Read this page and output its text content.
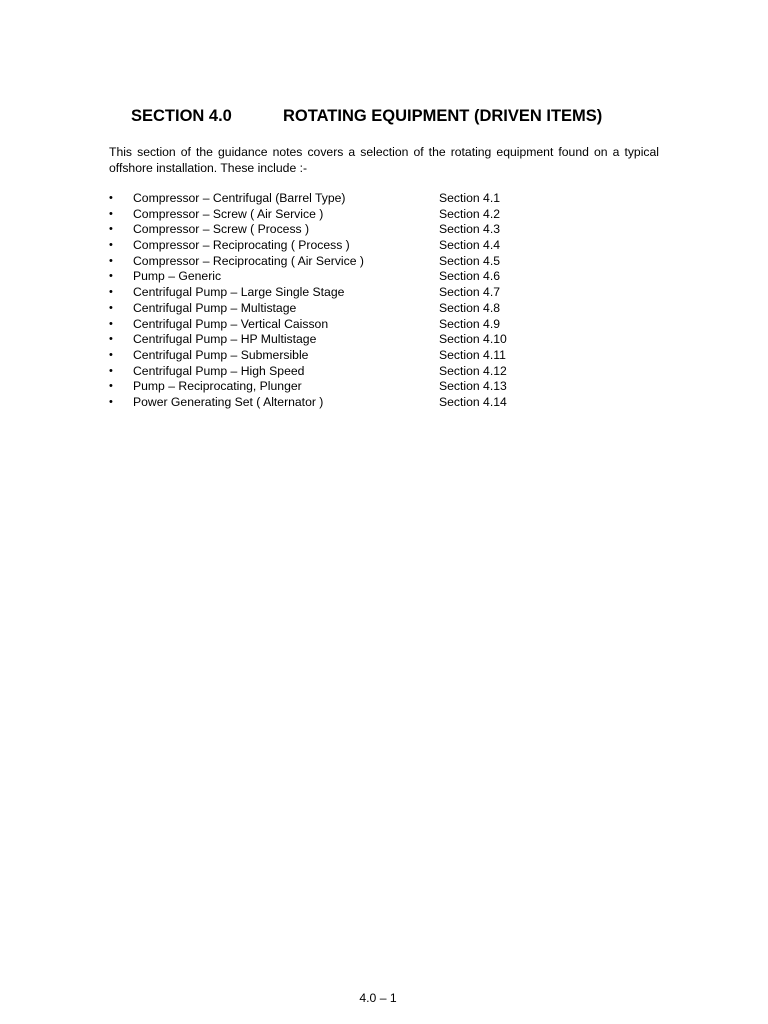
SECTION 4.0	ROTATING EQUIPMENT (DRIVEN ITEMS)
This section of the guidance notes covers a selection of the rotating equipment found on a typical offshore installation. These include :-
•	Compressor – Centrifugal (Barrel Type)	Section 4.1
•	Compressor – Screw ( Air Service )	Section 4.2
•	Compressor – Screw ( Process )	Section 4.3
•	Compressor – Reciprocating ( Process )	Section 4.4
•	Compressor – Reciprocating ( Air Service )	Section 4.5
•	Pump – Generic	Section 4.6
•	Centrifugal Pump – Large Single Stage	Section 4.7
•	Centrifugal Pump – Multistage	Section 4.8
•	Centrifugal Pump – Vertical Caisson	Section 4.9
•	Centrifugal Pump – HP Multistage	Section 4.10
•	Centrifugal Pump – Submersible	Section 4.11
•	Centrifugal Pump – High Speed	Section 4.12
•	Pump – Reciprocating, Plunger	Section 4.13
•	Power Generating Set ( Alternator )	Section 4.14
4.0 – 1
